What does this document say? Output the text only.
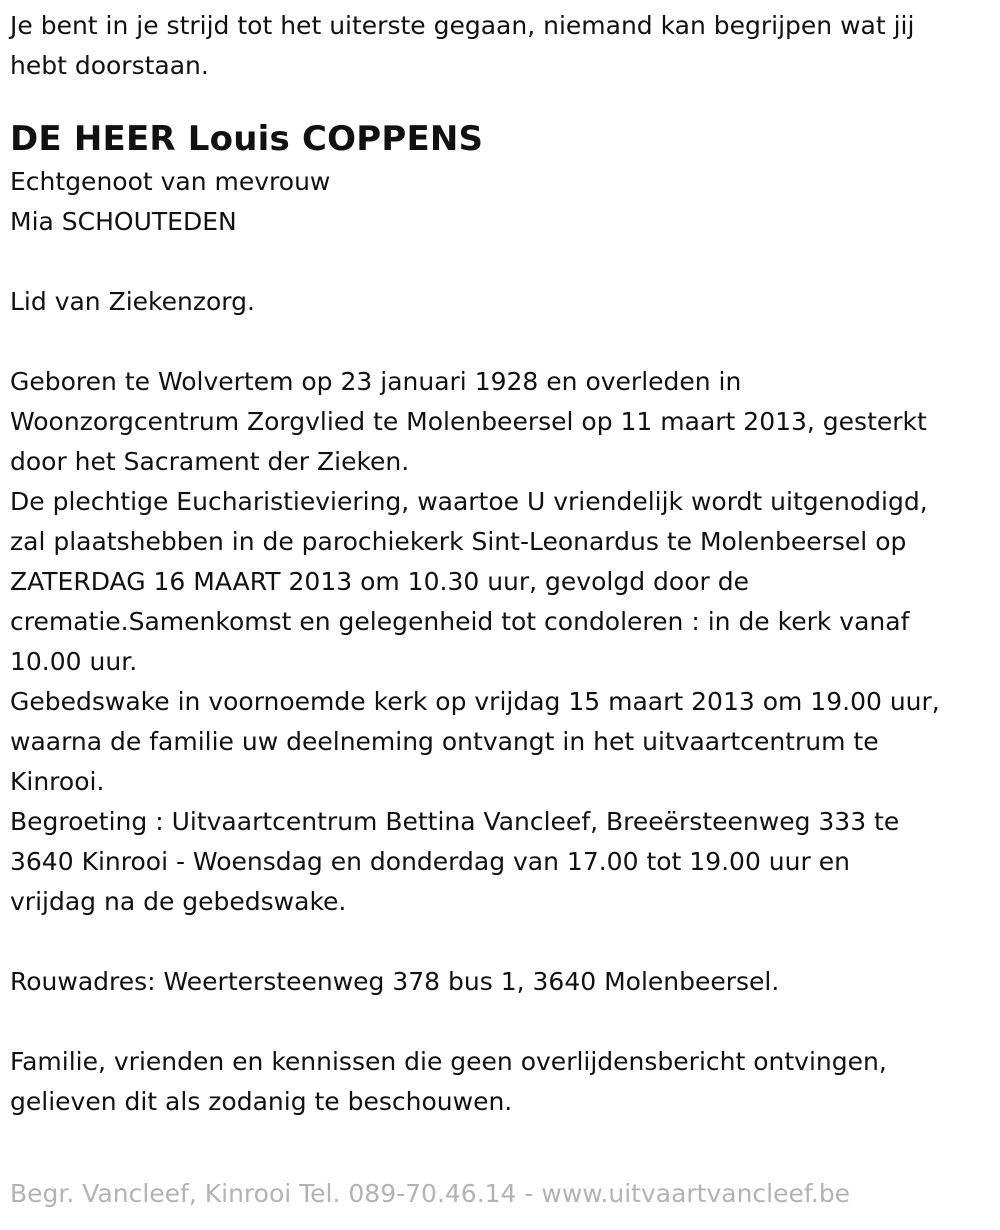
Je bent in je strijd tot het uiterste gegaan, niemand kan begrijpen wat jij
hebt doorstaan.
DE HEER Louis COPPENS
Echtgenoot van mevrouw
Mia SCHOUTEDEN
Lid van Ziekenzorg.
Geboren te Wolvertem op 23 januari 1928 en overleden in
Woonzorgcentrum Zorgvlied te Molenbeersel op 11 maart 2013, gesterkt
door het Sacrament der Zieken.
De plechtige Eucharistieviering, waartoe U vriendelijk wordt uitgenodigd,
zal plaatshebben in de parochiekerk Sint-Leonardus te Molenbeersel op
ZATERDAG 16 MAART 2013 om 10.30 uur, gevolgd door de
crematie.Samenkomst en gelegenheid tot condoleren : in de kerk vanaf
10.00 uur.
Gebedswake in voornoemde kerk op vrijdag 15 maart 2013 om 19.00 uur,
waarna de familie uw deelneming ontvangt in het uitvaartcentrum te
Kinrooi.
Begroeting : Uitvaartcentrum Bettina Vancleef, Breeërsteenweg 333 te
3640 Kinrooi - Woensdag en donderdag van 17.00 tot 19.00 uur en
vrijdag na de gebedswake.
Rouwadres: Weertersteenweg 378 bus 1, 3640 Molenbeersel.
Familie, vrienden en kennissen die geen overlijdensbericht ontvingen,
gelieven dit als zodanig te beschouwen.
Begr. Vancleef, Kinrooi Tel. 089-70.46.14 - www.uitvaartvancleef.be
